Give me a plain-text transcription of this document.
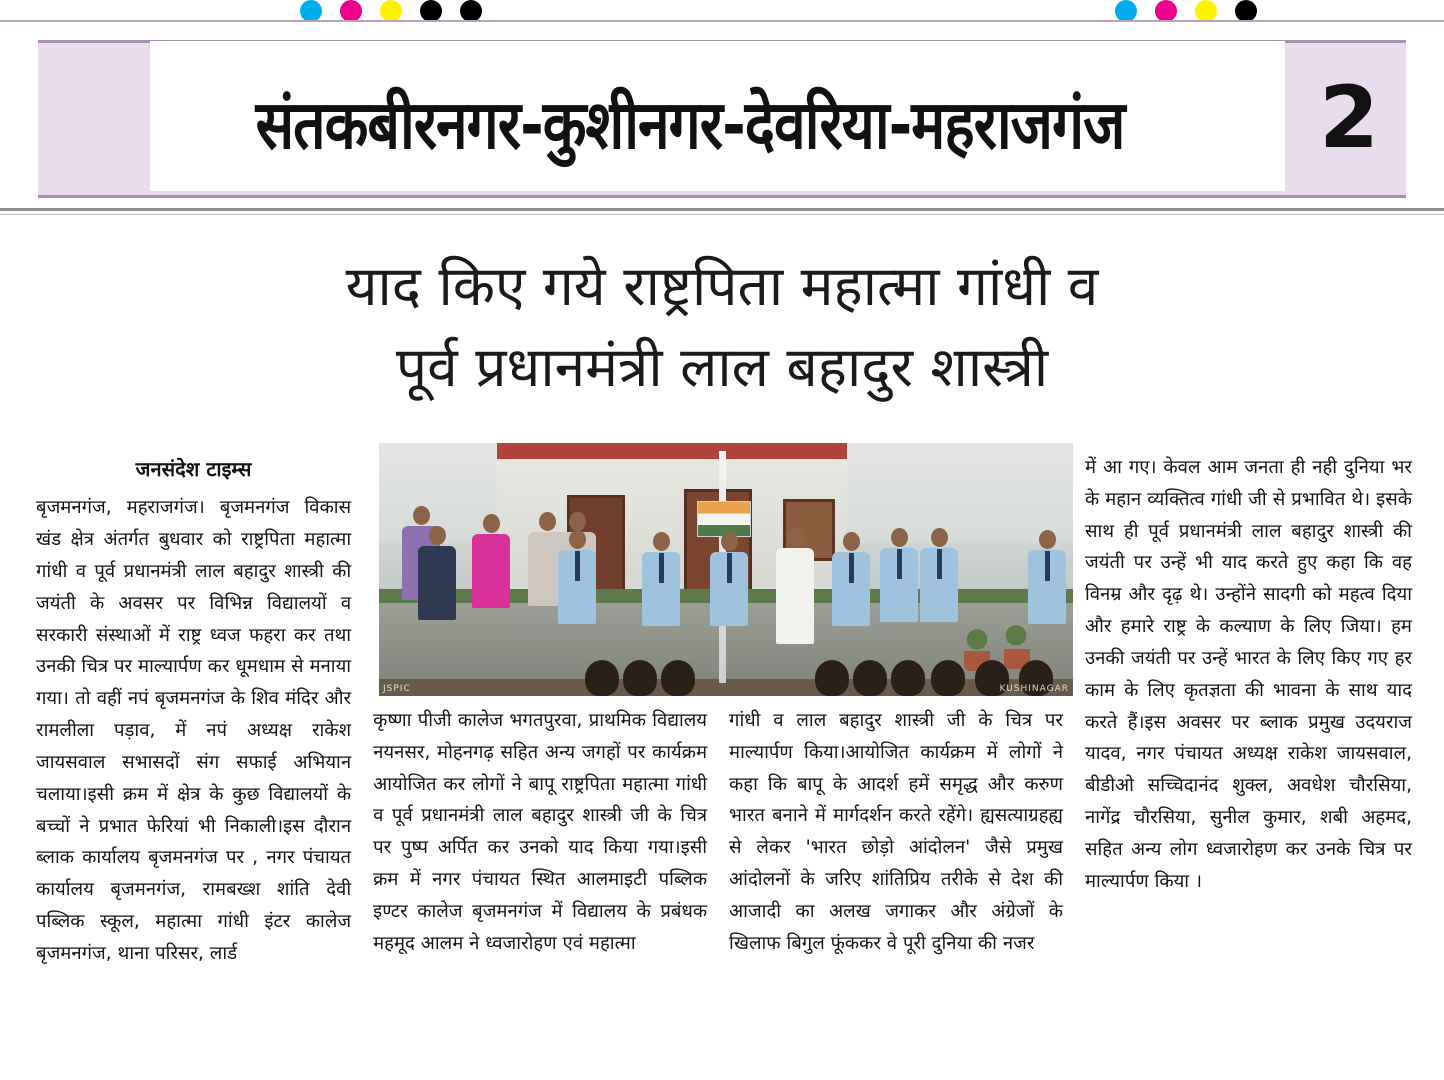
संतकबीरनगर-कुशीनगर-देवरिया-महराजगंज	2
याद किए गये राष्ट्रपिता महात्मा गांधी व
पूर्व प्रधानमंत्री लाल बहादुर शास्त्री
KUSHINAGAR
JSPIC
जनसंदेश टाइम्स

बृजमनगंज, महराजगंज। बृजमनगंज विकास खंड क्षेत्र अंतर्गत बुधवार को राष्ट्रपिता महात्मा गांधी व पूर्व प्रधानमंत्री लाल बहादुर शास्त्री की जयंती के अवसर पर विभिन्न विद्यालयों व सरकारी संस्थाओं में राष्ट्र ध्वज फहरा कर तथा उनकी चित्र पर माल्यार्पण कर धूमधाम से मनाया गया। तो वहीं नपं बृजमनगंज के शिव मंदिर और रामलीला पड़ाव, में नपं अध्यक्ष राकेश जायसवाल सभासदों संग सफाई अभियान चलाया।इसी क्रम में क्षेत्र के कुछ विद्यालयों के बच्चों ने प्रभात फेरियां भी निकाली।इस दौरान ब्लाक कार्यालय बृजमनगंज पर , नगर पंचायत कार्यालय बृजमनगंज, रामबख्श शांति देवी पब्लिक स्कूल, महात्मा गांधी इंटर कालेज बृजमनगंज, थाना परिसर, लार्ड

कृष्णा पीजी कालेज भगतपुरवा, प्राथमिक विद्यालय नयनसर, मोहनगढ़ सहित अन्य जगहों पर कार्यक्रम आयोजित कर लोगों ने बापू राष्ट्रपिता महात्मा गांधी व पूर्व प्रधानमंत्री लाल बहादुर शास्त्री जी के चित्र पर पुष्प अर्पित कर उनको याद किया गया।इसी क्रम में नगर पंचायत स्थित आलमाइटी पब्लिक इण्टर कालेज बृजमनगंज में विद्यालय के प्रबंधक महमूद आलम ने ध्वजारोहण एवं महात्मा

गांधी व लाल बहादुर शास्त्री जी के चित्र पर माल्यार्पण किया।आयोजित कार्यक्रम में लोगों ने कहा कि बापू के आदर्श हमें समृद्ध और करुण भारत बनाने में मार्गदर्शन करते रहेंगे। ह्यसत्याग्रहह्य से लेकर 'भारत छोड़ो आंदोलन' जैसे प्रमुख आंदोलनों के जरिए शांतिप्रिय तरीके से देश की आजादी का अलख जगाकर और अंग्रेजों के खिलाफ बिगुल फूंककर वे पूरी दुनिया की नजर

में आ गए। केवल आम जनता ही नही दुनिया भर के महान व्यक्तित्व गांधी जी से प्रभावित थे। इसके साथ ही पूर्व प्रधानमंत्री लाल बहादुर शास्त्री की जयंती पर उन्हें भी याद करते हुए कहा कि वह विनम्र और दृढ़ थे। उन्होंने सादगी को महत्व दिया और हमारे राष्ट्र के कल्याण के लिए जिया। हम उनकी जयंती पर उन्हें भारत के लिए किए गए हर काम के लिए कृतज्ञता की भावना के साथ याद करते हैं।इस अवसर पर ब्लाक प्रमुख उदयराज यादव, नगर पंचायत अध्यक्ष राकेश जायसवाल, बीडीओ सच्चिदानंद शुक्ल, अवधेश चौरसिया, नागेंद्र चौरसिया, सुनील कुमार, शबी अहमद, सहित अन्य लोग ध्वजारोहण कर उनके चित्र पर माल्यार्पण किया ।
